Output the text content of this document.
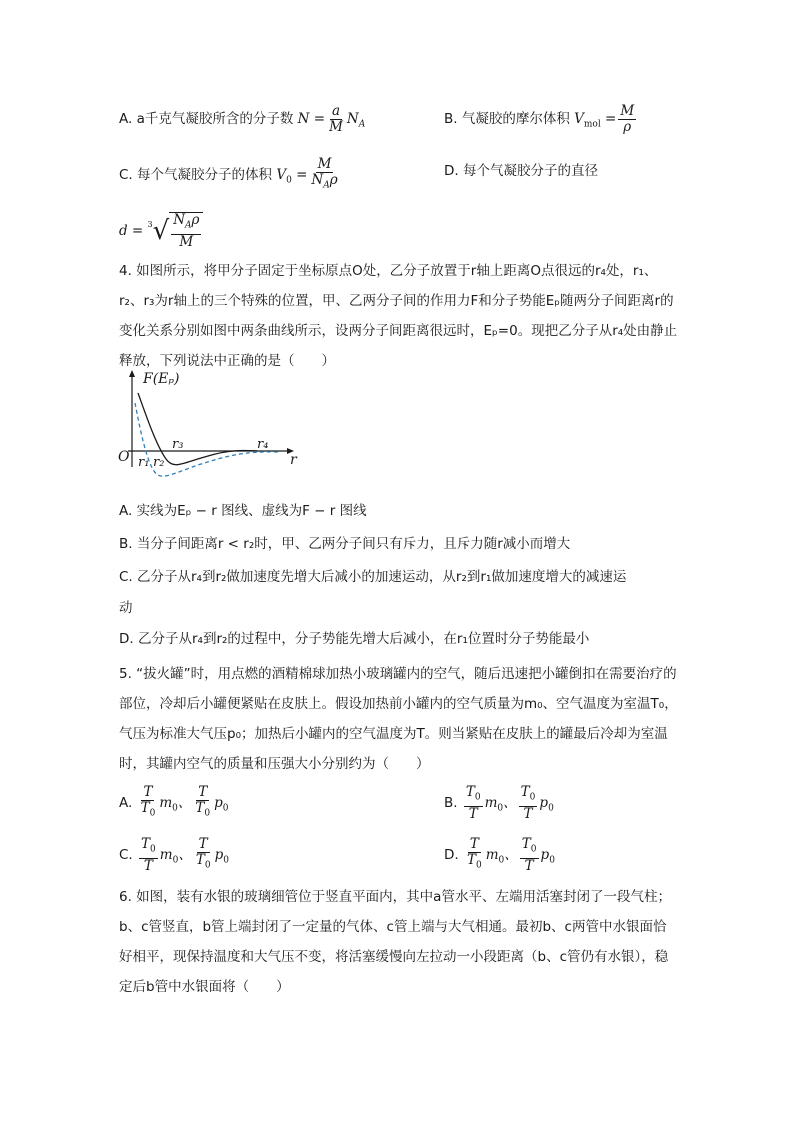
A. a千克气凝胶所含的分子数 $N = \frac{a}{M} N_A$	B. 气凝胶的摩尔体积 $V_{mol} = \frac{M}{\rho}$
C. 每个气凝胶分子的体积 $V_0 = \frac{M}{N_A\rho}$	D. 每个气凝胶分子的直径
d = 3 √ $\frac{N_A\rho}{M}$
4. 如图所示，将甲分子固定于坐标原点O处，乙分子放置于r轴上距离O点很远的r₄处，r₁、r₂、r₃为r轴上的三个特殊的位置，甲、乙两分子间的作用力F和分子势能Eₚ随两分子间距离r的变化关系分别如图中两条曲线所示，设两分子间距离很远时，Eₚ=0。现把乙分子从r₄处由静止释放，下列说法中正确的是（　　）
F(Eₚ)
O	r
r₁ r₂
r₃	r₄
A. 实线为Eₚ − r 图线、虚线为F − r 图线
B. 当分子间距离r < r₂时，甲、乙两分子间只有斥力，且斥力随r减小而增大
C. 乙分子从r₄到r₂做加速度先增大后减小的加速运动，从r₂到r₁做加速度增大的减速运
动
D. 乙分子从r₄到r₂的过程中，分子势能先增大后减小，在r₁位置时分子势能最小
5. “拔火罐”时，用点燃的酒精棉球加热小玻璃罐内的空气，随后迅速把小罐倒扣在需要治疗的部位，冷却后小罐便紧贴在皮肤上。假设加热前小罐内的空气质量为m₀、空气温度为室温T₀，气压为标准大气压p₀；加热后小罐内的空气温度为T。则当紧贴在皮肤上的罐最后冷却为室温时，其罐内空气的质量和压强大小分别约为（　　）
A. $\frac{T}{T_0} m_0$、 $\frac{T}{T_0} p_0$	B. $\frac{T_0}{T} m_0$、 $\frac{T_0}{T} p_0$
C. $\frac{T_0}{T} m_0$、 $\frac{T}{T_0} p_0$	D. $\frac{T}{T_0} m_0$、 $\frac{T_0}{T} p_0$
6. 如图，装有水银的玻璃细管位于竖直平面内，其中a管水平、左端用活塞封闭了一段气柱；b、c管竖直，b管上端封闭了一定量的气体、c管上端与大气相通。最初b、c两管中水银面恰好相平，现保持温度和大气压不变，将活塞缓慢向左拉动一小段距离（b、c管仍有水银），稳定后b管中水银面将（　　）
